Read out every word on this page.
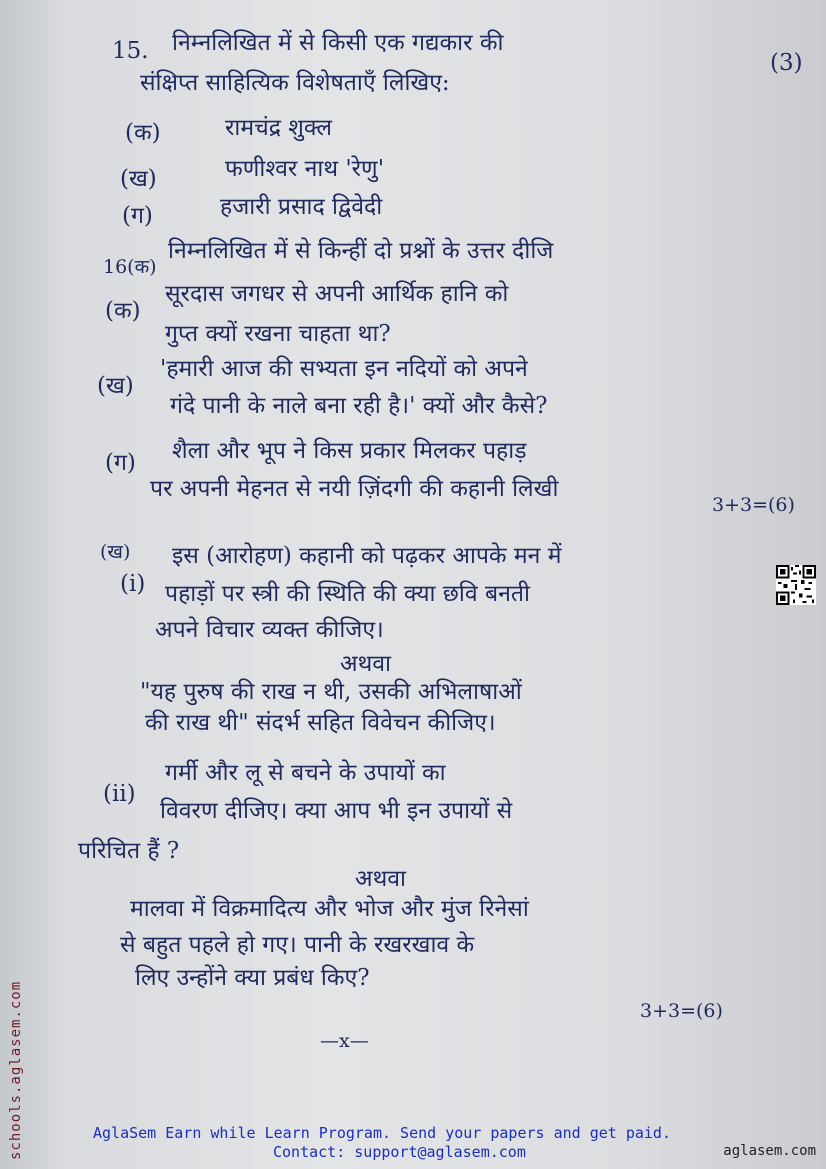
15. निम्नलिखित में से किसी एक गद्यकार की
संक्षिप्त साहित्यिक विशेषताएँ लिखिए:
(3)
(क)	रामचंद्र शुक्ल
(ख)	फणीश्वर नाथ 'रेणु'
(ग)	हजारी प्रसाद द्विवेदी
16(क)
निम्नलिखित में से किन्हीं दो प्रश्नों के उत्तर दीजि
(क)
सूरदास जगधर से अपनी आर्थिक हानि को
गुप्त क्यों रखना चाहता था?
(ख)
'हमारी आज की सभ्यता इन नदियों को अपने
गंदे पानी के नाले बना रही है।' क्यों और कैसे?
(ग) शैला और भूप ने किस प्रकार मिलकर पहाड़
पर अपनी मेहनत से नयी ज़िंदगी की कहानी लिखी
3+3=(6)
(ख)
(i)
इस (आरोहण) कहानी को पढ़कर आपके मन में
पहाड़ों पर स्त्री की स्थिति की क्या छवि बनती
अपने विचार व्यक्त कीजिए।
अथवा
"यह पुरुष की राख न थी, उसकी अभिलाषाओं
की राख थी" संदर्भ सहित विवेचन कीजिए।
(ii)
गर्मी और लू से बचने के उपायों का
विवरण दीजिए। क्या आप भी इन उपायों से
परिचित हैं ?
अथवा
मालवा में विक्रमादित्य और भोज और मुंज रिनेसां
से बहुत पहले हो गए। पानी के रखरखाव के
लिए उन्होंने क्या प्रबंध किए?
3+3=(6)
—x—
schools.aglasem.com	AglaSem Earn while Learn Program. Send your papers and get paid.
Contact: support@aglasem.com	aglasem.com
